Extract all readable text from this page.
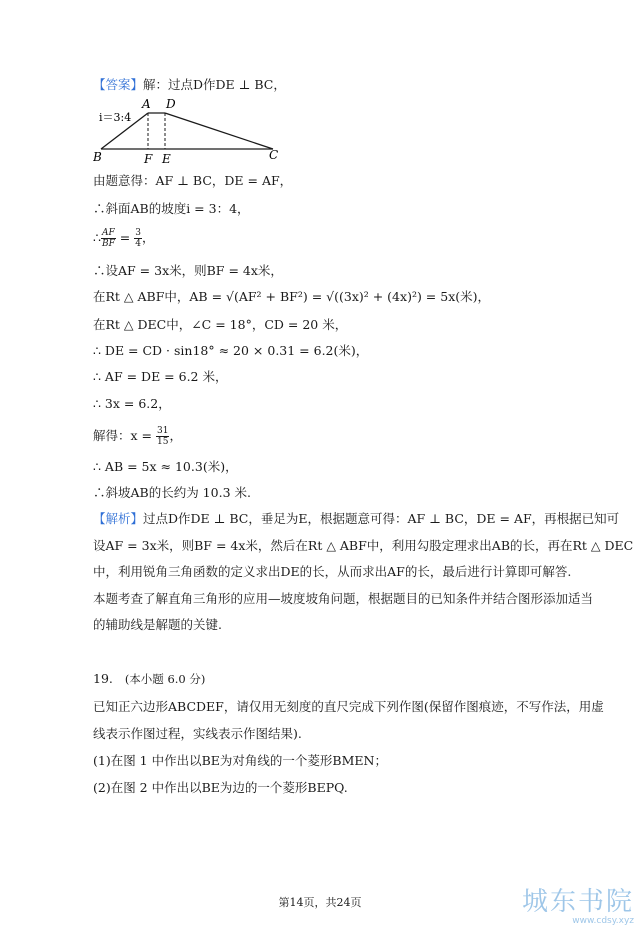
【答案】解：过点D作DE ⊥ BC，
i＝3:4
A D
B	F E	C
由题意得：AF ⊥ BC，DE = AF，
∴斜面AB的坡度i = 3：4，
∴ $\frac{AF}{BF} = \frac{3}{4}$ ，
∴设AF = 3x米，则BF = 4x米，
在Rt △ ABF中，AB = √(AF² + BF²) = √((3x)² + (4x)²) = 5x(米)，
在Rt △ DEC中，∠C = 18°，CD = 20 米，
∴ DE = CD · sin18° ≈ 20 × 0.31 = 6.2(米)，
∴ AF = DE = 6.2 米，
∴ 3x = 6.2，
解得：$x = \frac{31}{15}$ ，
∴ AB = 5x ≈ 10.3(米)，
∴斜坡AB的长约为 10.3 米.
【解析】过点D作DE ⊥ BC，垂足为E，根据题意可得：AF ⊥ BC，DE = AF，再根据已知可
设AF = 3x米，则BF = 4x米，然后在Rt △ ABF中，利用勾股定理求出AB的长，再在Rt △ DEC
中，利用锐角三角函数的定义求出DE的长，从而求出AF的长，最后进行计算即可解答.
本题考查了解直角三角形的应用—坡度坡角问题，根据题目的已知条件并结合图形添加适当
的辅助线是解题的关键.
19. (本小题 6.0 分)
已知正六边形ABCDEF，请仅用无刻度的直尺完成下列作图(保留作图痕迹，不写作法，用虚
线表示作图过程，实线表示作图结果).
(1)在图 1 中作出以BE为对角线的一个菱形BMEN；
(2)在图 2 中作出以BE为边的一个菱形BEPQ.
第14页，共24页	城东书院
www.cdsy.xyz
